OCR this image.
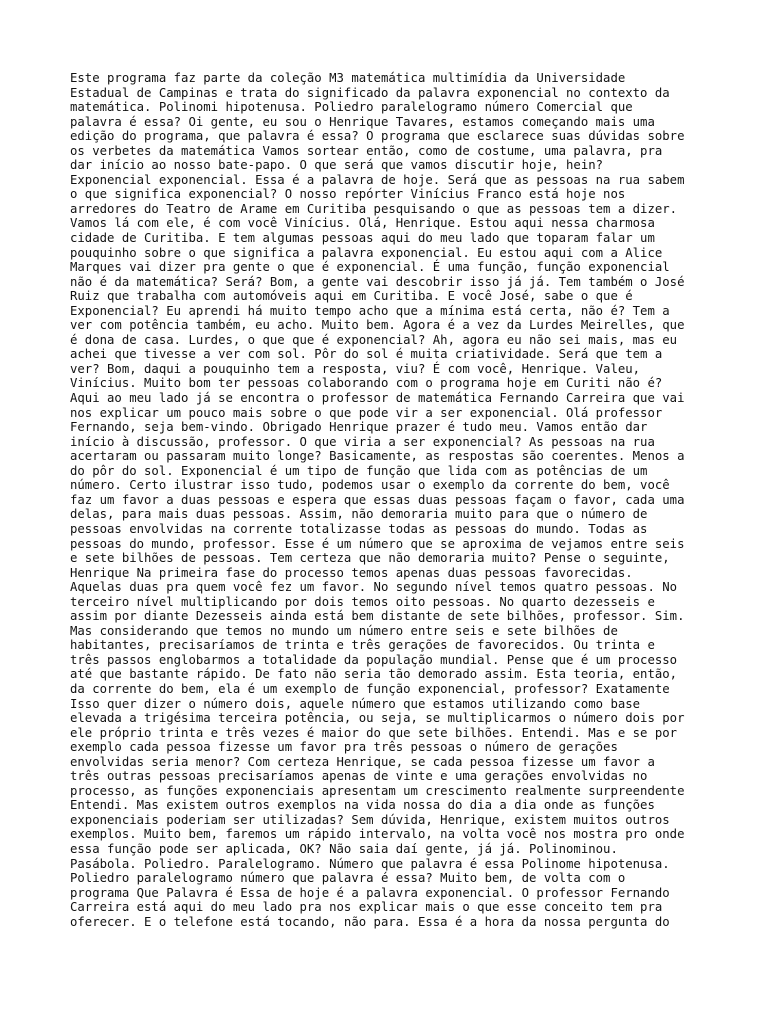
Este programa faz parte da coleção M3 matemática multimídia da Universidade
Estadual de Campinas e trata do significado da palavra exponencial no contexto da
matemática. Polinomi hipotenusa. Poliedro paralelogramo número Comercial que
palavra é essa? Oi gente, eu sou o Henrique Tavares, estamos começando mais uma
edição do programa, que palavra é essa? O programa que esclarece suas dúvidas sobre
os verbetes da matemática Vamos sortear então, como de costume, uma palavra, pra
dar início ao nosso bate-papo. O que será que vamos discutir hoje, hein?
Exponencial exponencial. Essa é a palavra de hoje. Será que as pessoas na rua sabem
o que significa exponencial? O nosso repórter Vinícius Franco está hoje nos
arredores do Teatro de Arame em Curitiba pesquisando o que as pessoas tem a dizer.
Vamos lá com ele, é com você Vinícius. Olá, Henrique. Estou aqui nessa charmosa
cidade de Curitiba. E tem algumas pessoas aqui do meu lado que toparam falar um
pouquinho sobre o que significa a palavra exponencial. Eu estou aqui com a Alice
Marques vai dizer pra gente o que é exponencial. É uma função, função exponencial
não é da matemática? Será? Bom, a gente vai descobrir isso já já. Tem também o José
Ruiz que trabalha com automóveis aqui em Curitiba. E você José, sabe o que é
Exponencial? Eu aprendi há muito tempo acho que a mínima está certa, não é? Tem a
ver com potência também, eu acho. Muito bem. Agora é a vez da Lurdes Meirelles, que
é dona de casa. Lurdes, o que que é exponencial? Ah, agora eu não sei mais, mas eu
achei que tivesse a ver com sol. Pôr do sol é muita criatividade. Será que tem a
ver? Bom, daqui a pouquinho tem a resposta, viu? É com você, Henrique. Valeu,
Vinícius. Muito bom ter pessoas colaborando com o programa hoje em Curiti não é?
Aqui ao meu lado já se encontra o professor de matemática Fernando Carreira que vai
nos explicar um pouco mais sobre o que pode vir a ser exponencial. Olá professor
Fernando, seja bem-vindo. Obrigado Henrique prazer é tudo meu. Vamos então dar
início à discussão, professor. O que viria a ser exponencial? As pessoas na rua
acertaram ou passaram muito longe? Basicamente, as respostas são coerentes. Menos a
do pôr do sol. Exponencial é um tipo de função que lida com as potências de um
número. Certo ilustrar isso tudo, podemos usar o exemplo da corrente do bem, você
faz um favor a duas pessoas e espera que essas duas pessoas façam o favor, cada uma
delas, para mais duas pessoas. Assim, não demoraria muito para que o número de
pessoas envolvidas na corrente totalizasse todas as pessoas do mundo. Todas as
pessoas do mundo, professor. Esse é um número que se aproxima de vejamos entre seis
e sete bilhões de pessoas. Tem certeza que não demoraria muito? Pense o seguinte,
Henrique Na primeira fase do processo temos apenas duas pessoas favorecidas.
Aquelas duas pra quem você fez um favor. No segundo nível temos quatro pessoas. No
terceiro nível multiplicando por dois temos oito pessoas. No quarto dezesseis e
assim por diante Dezesseis ainda está bem distante de sete bilhões, professor. Sim.
Mas considerando que temos no mundo um número entre seis e sete bilhões de
habitantes, precisaríamos de trinta e três gerações de favorecidos. Ou trinta e
três passos englobarmos a totalidade da população mundial. Pense que é um processo
até que bastante rápido. De fato não seria tão demorado assim. Esta teoria, então,
da corrente do bem, ela é um exemplo de função exponencial, professor? Exatamente
Isso quer dizer o número dois, aquele número que estamos utilizando como base
elevada a trigésima terceira potência, ou seja, se multiplicarmos o número dois por
ele próprio trinta e três vezes é maior do que sete bilhões. Entendi. Mas e se por
exemplo cada pessoa fizesse um favor pra três pessoas o número de gerações
envolvidas seria menor? Com certeza Henrique, se cada pessoa fizesse um favor a
três outras pessoas precisaríamos apenas de vinte e uma gerações envolvidas no
processo, as funções exponenciais apresentam um crescimento realmente surpreendente
Entendi. Mas existem outros exemplos na vida nossa do dia a dia onde as funções
exponenciais poderiam ser utilizadas? Sem dúvida, Henrique, existem muitos outros
exemplos. Muito bem, faremos um rápido intervalo, na volta você nos mostra pro onde
essa função pode ser aplicada, OK? Não saia daí gente, já já. Polinominou.
Pasábola. Poliedro. Paralelogramo. Número que palavra é essa Polinome hipotenusa.
Poliedro paralelogramo número que palavra é essa? Muito bem, de volta com o
programa Que Palavra é Essa de hoje é a palavra exponencial. O professor Fernando
Carreira está aqui do meu lado pra nos explicar mais o que esse conceito tem pra
oferecer. E o telefone está tocando, não para. Essa é a hora da nossa pergunta do
